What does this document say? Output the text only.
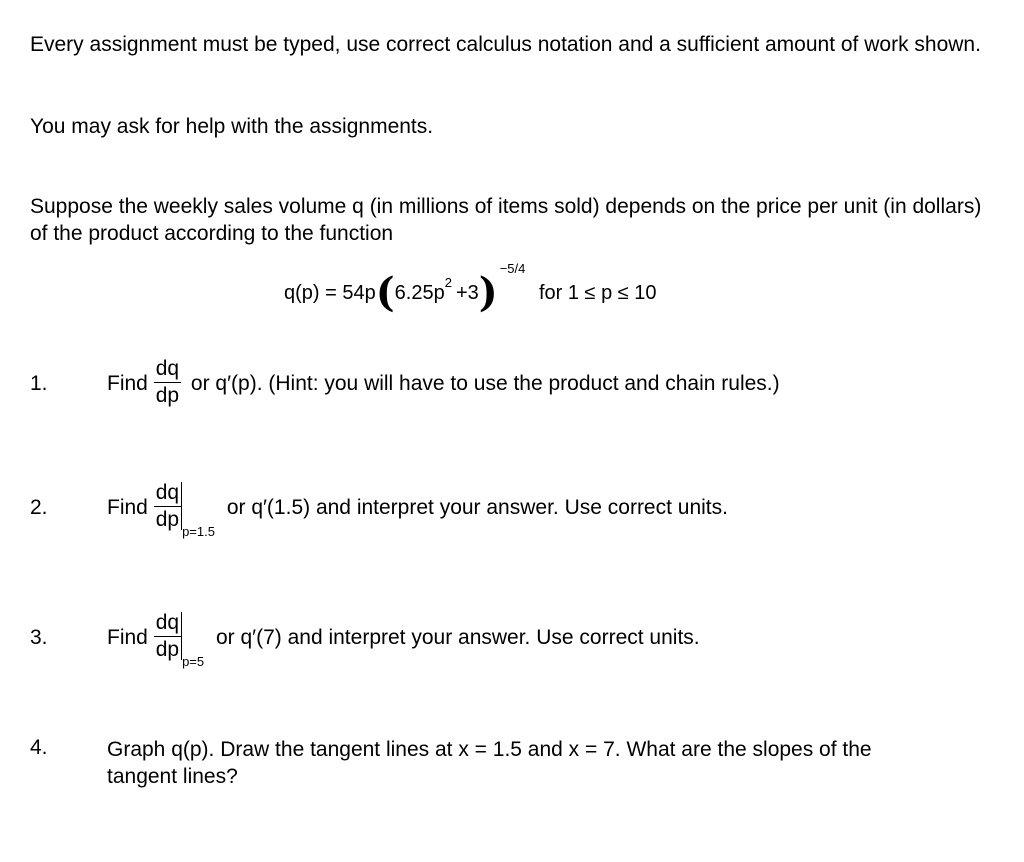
Every assignment must be typed, use correct calculus notation and a sufficient amount of work shown.
You may ask for help with the assignments.
Suppose the weekly sales volume q (in millions of items sold) depends on the price per unit (in dollars) of the product according to the function
$q(p) = 54p(6.25p^2 +3)^{-5/4}$ for 1 ≤ p ≤ 10
1.	Find $\frac{dq}{dp}$ or q′(p). (Hint: you will have to use the product and chain rules.)
2.	Find $\frac{dq}{dp}$
$_{p=1.5}$ or q′(1.5) and interpret your answer. Use correct units.
3.	Find $\frac{dq}{dp}$
$_{p=5}$ or q′(7) and interpret your answer. Use correct units.
4.	Graph q(p). Draw the tangent lines at x = 1.5 and x = 7. What are the slopes of the tangent lines?
